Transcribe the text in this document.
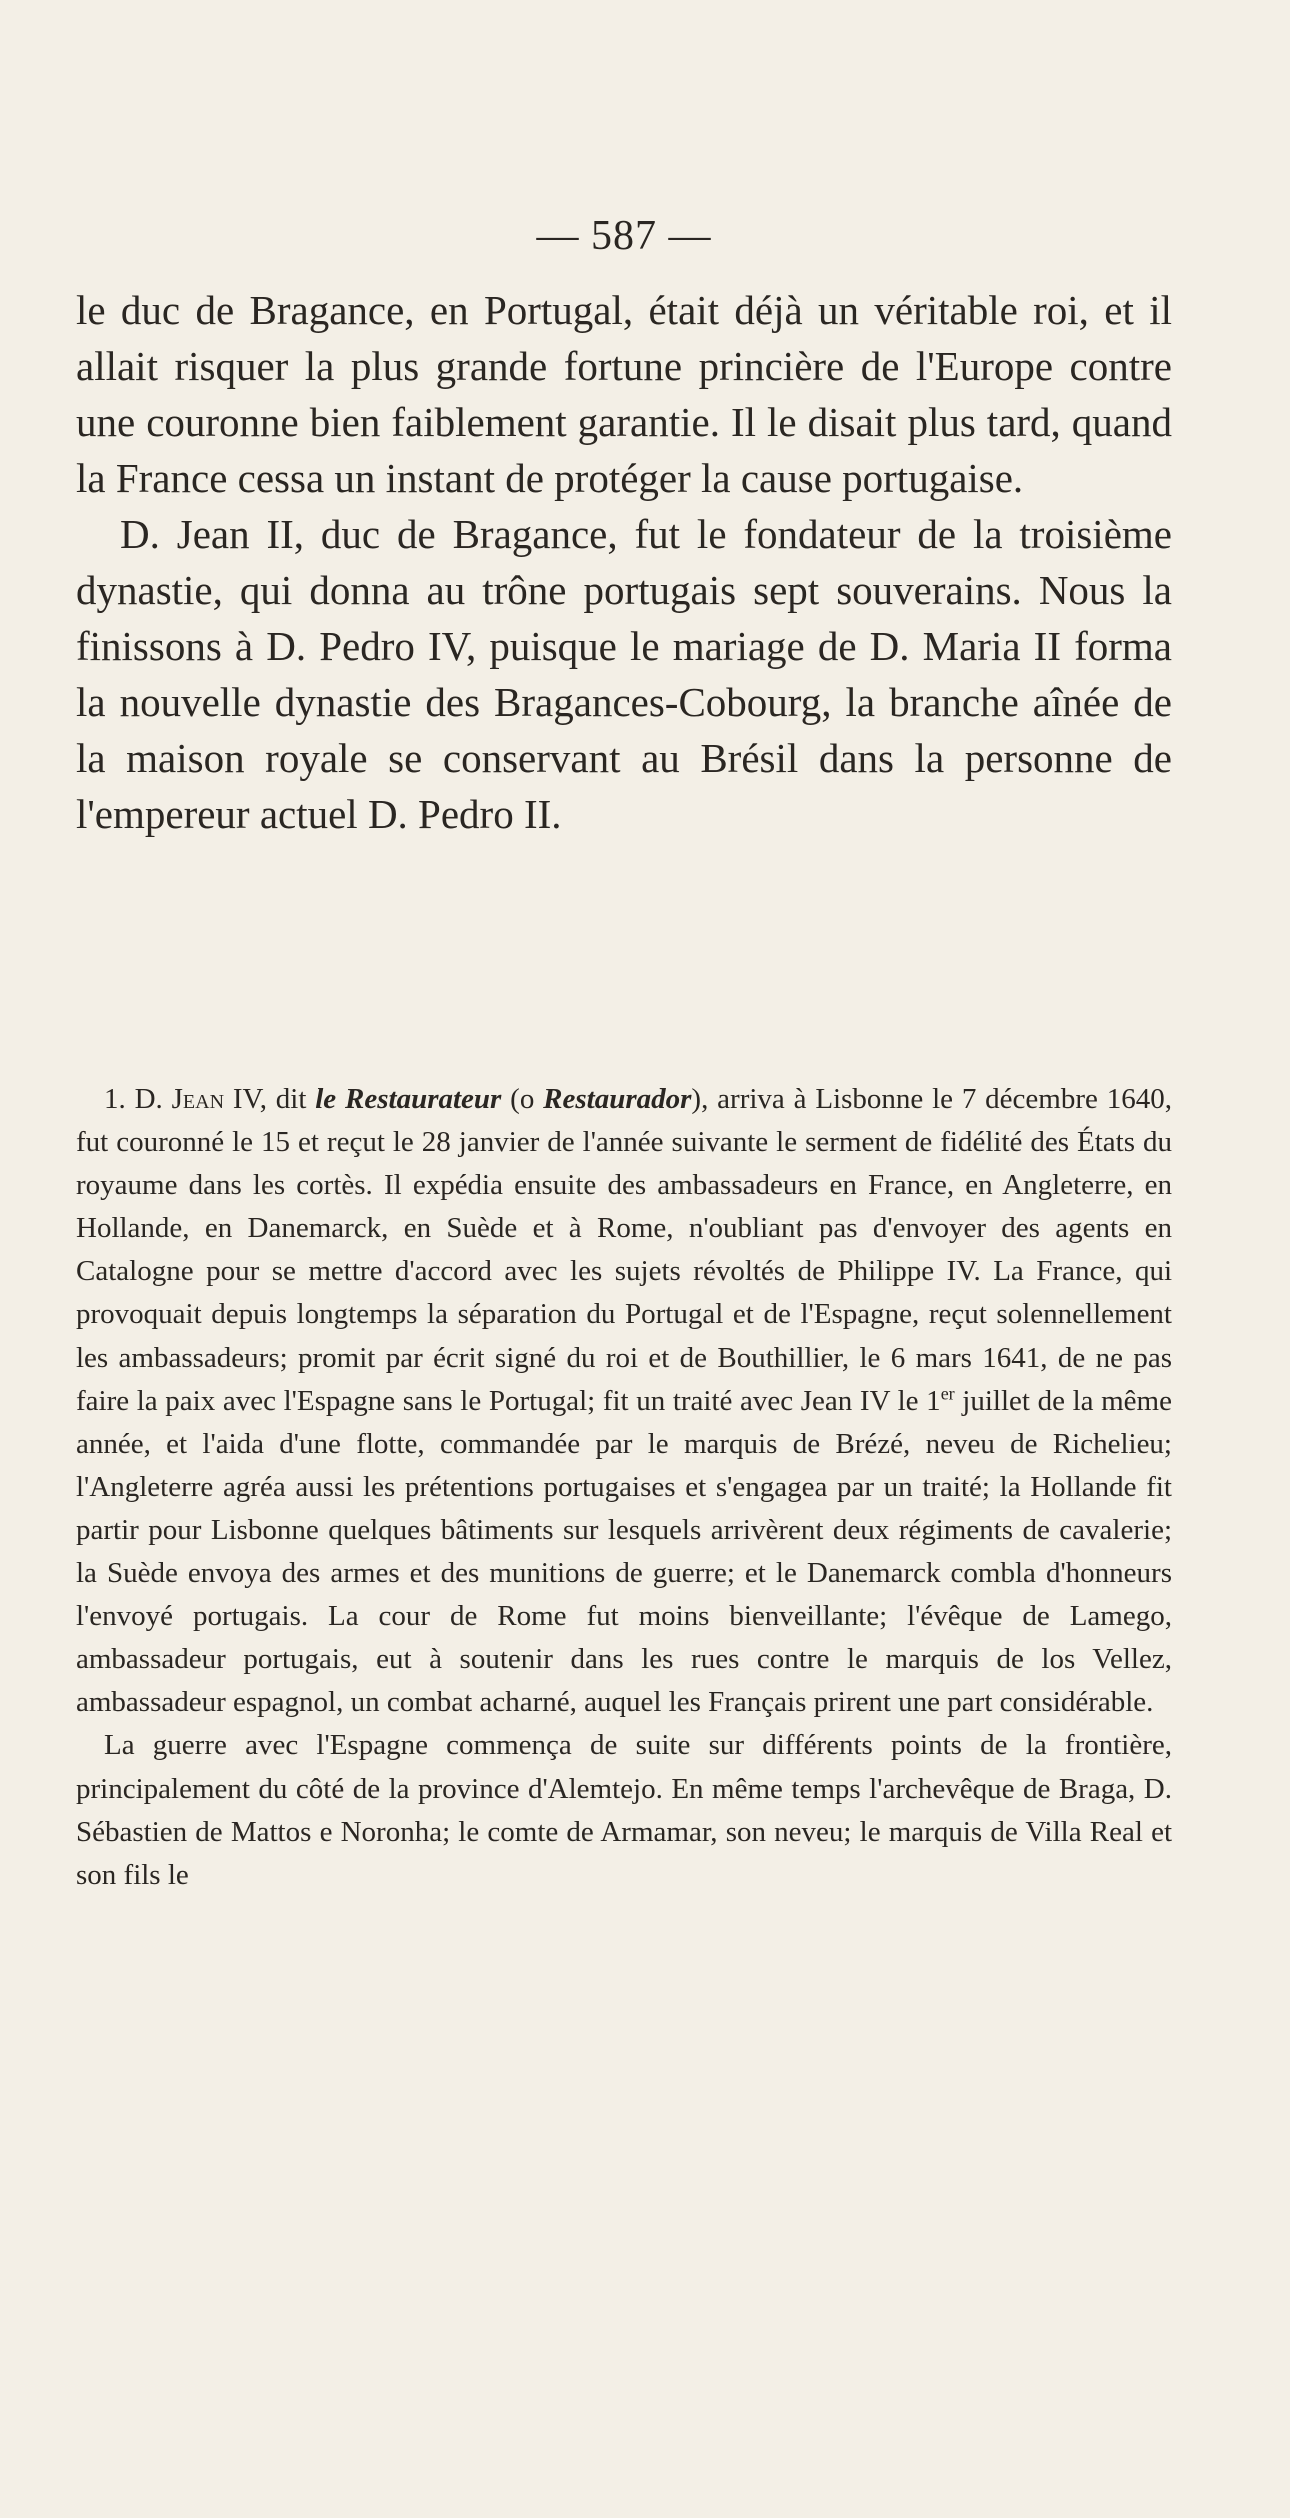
— 587 —

le duc de Bragance, en Portugal, était déjà un véritable roi, et il allait risquer la plus grande fortune princière de l'Europe contre une couronne bien faiblement garantie. Il le disait plus tard, quand la France cessa un instant de protéger la cause portugaise.

D. Jean II, duc de Bragance, fut le fondateur de la troisième dynastie, qui donna au trône portugais sept souverains. Nous la finissons à D. Pedro IV, puisque le mariage de D. Maria II forma la nouvelle dynastie des Bragances-Cobourg, la branche aînée de la maison royale se conservant au Brésil dans la personne de l'empereur actuel D. Pedro II.

1. D. Jean IV, dit le Restaurateur (o Restaurador), arriva à Lisbonne le 7 décembre 1640, fut couronné le 15 et reçut le 28 janvier de l'année suivante le serment de fidélité des États du royaume dans les cortès. Il expédia ensuite des ambassadeurs en France, en Angleterre, en Hollande, en Danemarck, en Suède et à Rome, n'oubliant pas d'envoyer des agents en Catalogne pour se mettre d'accord avec les sujets révoltés de Philippe IV. La France, qui provoquait depuis longtemps la séparation du Portugal et de l'Espagne, reçut solennellement les ambassadeurs; promit par écrit signé du roi et de Bouthillier, le 6 mars 1641, de ne pas faire la paix avec l'Espagne sans le Portugal; fit un traité avec Jean IV le 1er juillet de la même année, et l'aida d'une flotte, commandée par le marquis de Brézé, neveu de Richelieu; l'Angleterre agréa aussi les prétentions portugaises et s'engagea par un traité; la Hollande fit partir pour Lisbonne quelques bâtiments sur lesquels arrivèrent deux régiments de cavalerie; la Suède envoya des armes et des munitions de guerre; et le Danemarck combla d'honneurs l'envoyé portugais. La cour de Rome fut moins bienveillante; l'évêque de Lamego, ambassadeur portugais, eut à soutenir dans les rues contre le marquis de los Vellez, ambassadeur espagnol, un combat acharné, auquel les Français prirent une part considérable.

La guerre avec l'Espagne commença de suite sur différents points de la frontière, principalement du côté de la province d'Alemtejo. En même temps l'archevêque de Braga, D. Sébastien de Mattos e Noronha; le comte de Armamar, son neveu; le marquis de Villa Real et son fils le
